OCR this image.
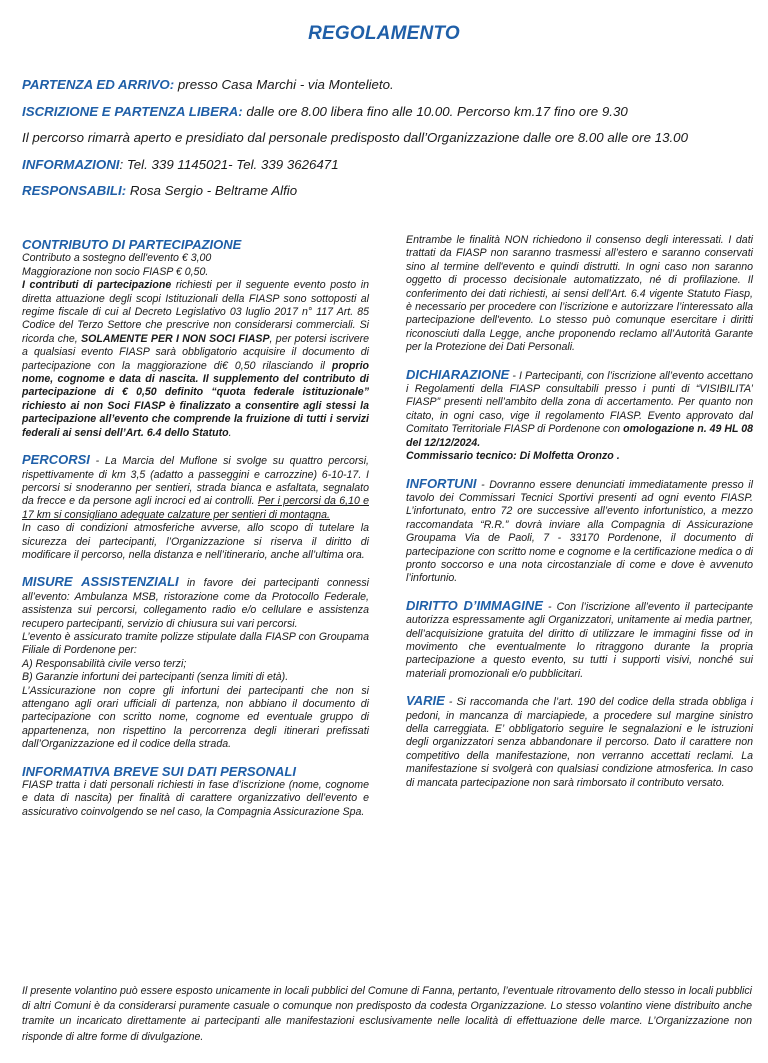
REGOLAMENTO
PARTENZA ED ARRIVO: presso Casa Marchi - via Montelieto.
ISCRIZIONE E PARTENZA LIBERA: dalle ore 8.00 libera fino alle 10.00. Percorso km.17 fino ore 9.30
Il percorso rimarrà aperto e presidiato dal personale predisposto dall’Organizzazione dalle ore 8.00 alle ore 13.00
INFORMAZIONI: Tel. 339 1145021- Tel. 339 3626471
RESPONSABILI: Rosa Sergio - Beltrame Alfio
CONTRIBUTO DI PARTECIPAZIONE

Contributo a sostegno dell'evento € 3,00

Maggiorazione non socio FIASP € 0,50.

I contributi di partecipazione richiesti per il seguente evento posto in diretta attuazione degli scopi Istituzionali della FIASP sono sottoposti al regime fiscale di cui al Decreto Legislativo 03 luglio 2017 n° 117 Art. 85 Codice del Terzo Settore che prescrive non considerarsi commerciali. Si ricorda che, SOLAMENTE PER I NON SOCI FIASP, per potersi iscrivere a qualsiasi evento FIASP sarà obbligatorio acquisire il documento di partecipazione con la maggiorazione di€ 0,50 rilasciando il proprio nome, cognome e data di nascita. Il supplemento del contributo di partecipazione di € 0,50 definito “quota federale istituzionale” richiesto ai non Soci FIASP è finalizzato a consentire agli stessi la partecipazione all’evento che comprende la fruizione di tutti i servizi federali ai sensi dell’Art. 6.4 dello Statuto.

PERCORSI - La Marcia del Muflone si svolge su quattro percorsi, rispettivamente di km 3,5 (adatto a passeggini e carrozzine) 6-10-17. I percorsi si snoderanno per sentieri, strada bianca e asfaltata, segnalato da frecce e da persone agli incroci ed ai controlli. Per i percorsi da 6,10 e 17 km si consigliano adeguate calzature per sentieri di montagna.

In caso di condizioni atmosferiche avverse, allo scopo di tutelare la sicurezza dei partecipanti, l’Organizzazione si riserva il diritto di modificare il percorso, nella distanza e nell’itinerario, anche all’ultima ora.

MISURE ASSISTENZIALI in favore dei partecipanti connessi all’evento: Ambulanza MSB, ristorazione come da Protocollo Federale, assistenza sui percorsi, collegamento radio e/o cellulare e assistenza recupero partecipanti, servizio di chiusura sui vari percorsi.

L’evento è assicurato tramite polizze stipulate dalla FIASP con Groupama Filiale di Pordenone per:

A) Responsabilità civile verso terzi;

B) Garanzie infortuni dei partecipanti (senza limiti di età).

L’Assicurazione non copre gli infortuni dei partecipanti che non si attengano agli orari ufficiali di partenza, non abbiano il documento di partecipazione con scritto nome, cognome ed eventuale gruppo di appartenenza, non rispettino la percorrenza degli itinerari prefissati dall’Organizzazione ed il codice della strada.

INFORMATIVA BREVE SUI DATI PERSONALI

FIASP tratta i dati personali richiesti in fase d’iscrizione (nome, cognome e data di nascita) per finalità di carattere organizzativo dell’evento e assicurativo coinvolgendo se nel caso, la Compagnia Assicurazione Spa.

Entrambe le finalità NON richiedono il consenso degli interessati. I dati trattati da FIASP non saranno trasmessi all’estero e saranno conservati sino al termine dell'evento e quindi distrutti. In ogni caso non saranno oggetto di processo decisionale automatizzato, né di profilazione. Il conferimento dei dati richiesti, ai sensi dell’Art. 6.4 vigente Statuto Fiasp, è necessario per procedere con l’iscrizione e autorizzare l’interessato alla partecipazione dell'evento. Lo stesso può comunque esercitare i diritti riconosciuti dalla Legge, anche proponendo reclamo all’Autorità Garante per la Protezione dei Dati Personali.

DICHIARAZIONE - I Partecipanti, con l’iscrizione all’evento accettano i Regolamenti della FIASP consultabili presso i punti di “VISIBILITA’ FIASP” presenti nell’ambito della zona di accertamento. Per quanto non citato, in ogni caso, vige il regolamento FIASP. Evento approvato dal Comitato Territoriale FIASP di Pordenone con omologazione n. 49 HL 08 del 12/12/2024.
Commissario tecnico: Di Molfetta Oronzo .

INFORTUNI - Dovranno essere denunciati immediatamente presso il tavolo dei Commissari Tecnici Sportivi presenti ad ogni evento FIASP. L’infortunato, entro 72 ore successive all’evento infortunistico, a mezzo raccomandata “R.R.” dovrà inviare alla Compagnia di Assicurazione Groupama Via de Paoli, 7 - 33170 Pordenone, il documento di partecipazione con scritto nome e cognome e la certificazione medica o di pronto soccorso e una nota circostanziale di come e dove è avvenuto l’infortunio.

DIRITTO D’IMMAGINE - Con l’iscrizione all’evento il partecipante autorizza espressamente agli Organizzatori, unitamente ai media partner, dell’acquisizione gratuita del diritto di utilizzare le immagini fisse od in movimento che eventualmente lo ritraggono durante la propria partecipazione a questo evento, su tutti i supporti visivi, nonché sui materiali promozionali e/o pubblicitari.

VARIE - Si raccomanda che l’art. 190 del codice della strada obbliga i pedoni, in mancanza di marciapiede, a procedere sul margine sinistro della carreggiata. E’ obbligatorio seguire le segnalazioni e le istruzioni degli organizzatori senza abbandonare il percorso. Dato il carattere non competitivo della manifestazione, non verranno accettati reclami. La manifestazione si svolgerà con qualsiasi condizione atmosferica. In caso di mancata partecipazione non sarà rimborsato il contributo versato.

Il presente volantino può essere esposto unicamente in locali pubblici del Comune di Fanna, pertanto, l’eventuale ritrovamento dello stesso in locali pubblici di altri Comuni è da considerarsi puramente casuale o comunque non predisposto da codesta Organizzazione. Lo stesso volantino viene distribuito anche tramite un incaricato direttamente ai partecipanti alle manifestazioni esclusivamente nelle località di effettuazione delle marce. L’Organizzazione non risponde di altre forme di divulgazione.
